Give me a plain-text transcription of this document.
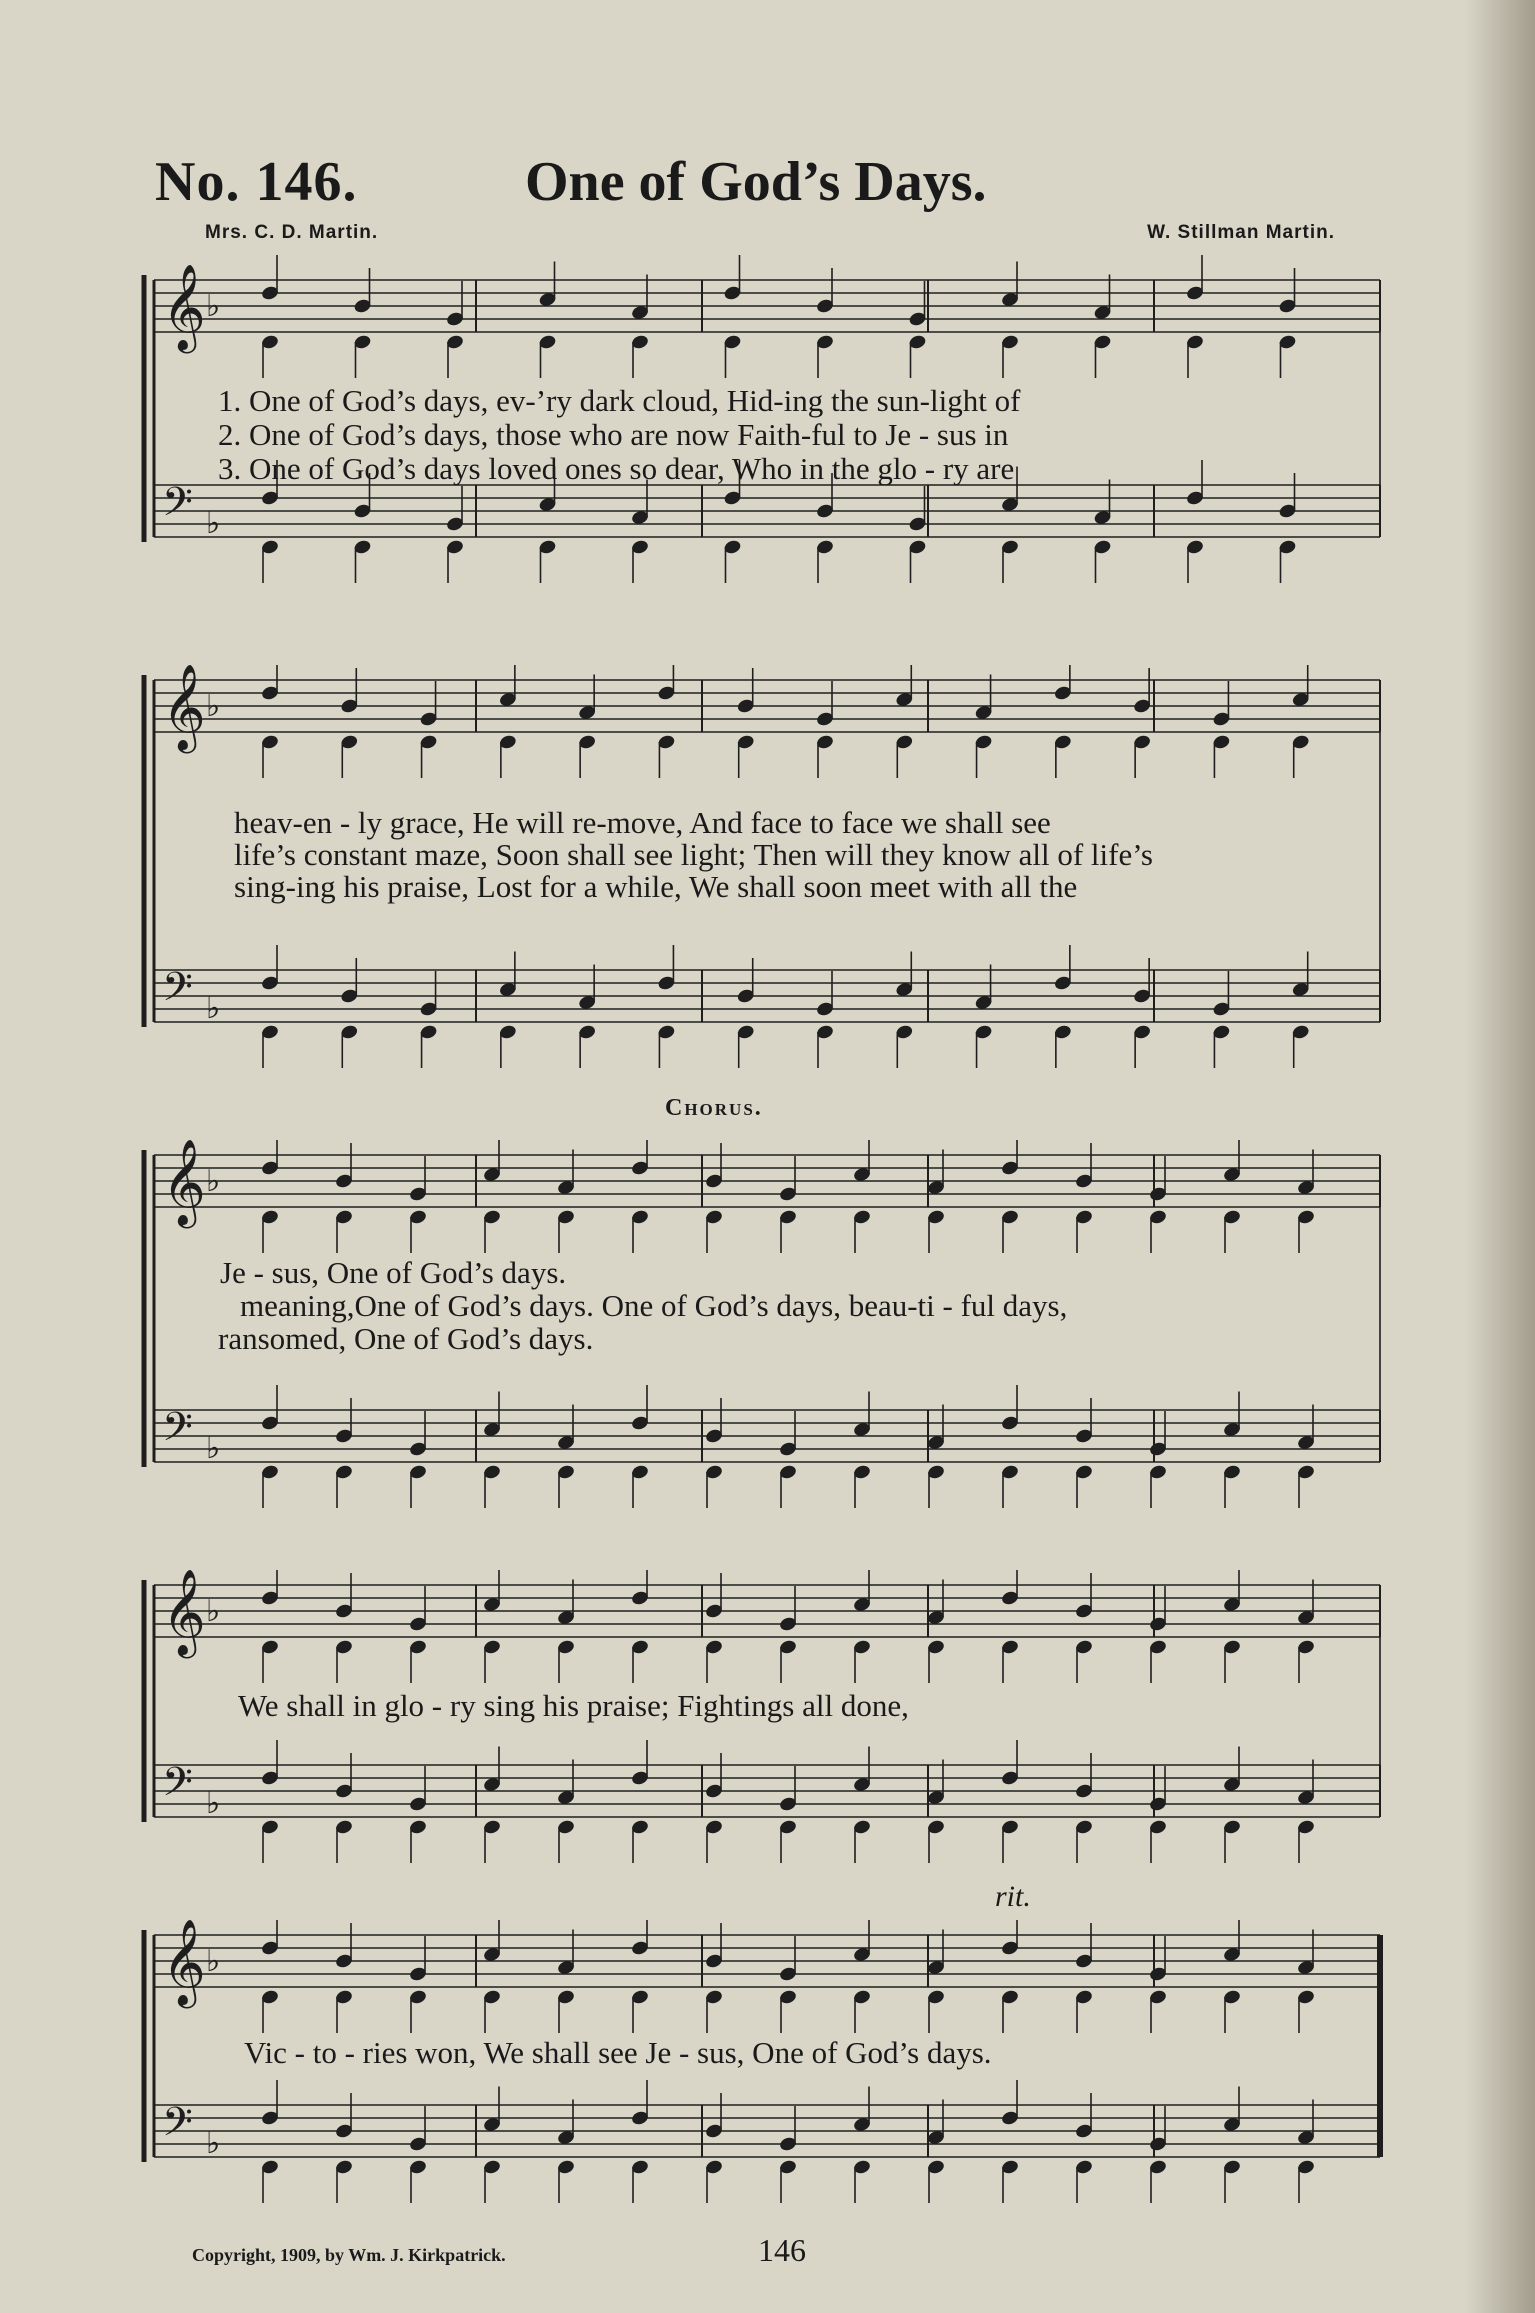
No. 146.	One of God’s Days.
Mrs. C. D. Martin.	W. Stillman Martin.
𝄞 ♭
𝄢 ♭
1. One of God’s days, ev-’ry dark cloud, Hid-ing the sun-light of
2. One of God’s days, those who are now Faith-ful to Je - sus in
3. One of God’s days loved ones so dear, Who in the glo - ry are
𝄞 ♭
𝄢 ♭
heav-en - ly grace, He will re-move, And face to face we shall see
life’s constant maze, Soon shall see light; Then will they know all of life’s
sing-ing his praise, Lost for a while, We shall soon meet with all the
Chorus.
𝄞 ♭
𝄢 ♭
Je - sus, One of God’s days.
meaning,One of God’s days. One of God’s days, beau-ti - ful days,
ransomed, One of God’s days.
𝄞 ♭
𝄢 ♭
We shall in glo - ry sing his praise; Fightings all done,
𝄞 ♭
𝄢 ♭
Vic - to - ries won, We shall see Je - sus, One of God’s days.
rit.
Copyright, 1909, by Wm. J. Kirkpatrick.	146
